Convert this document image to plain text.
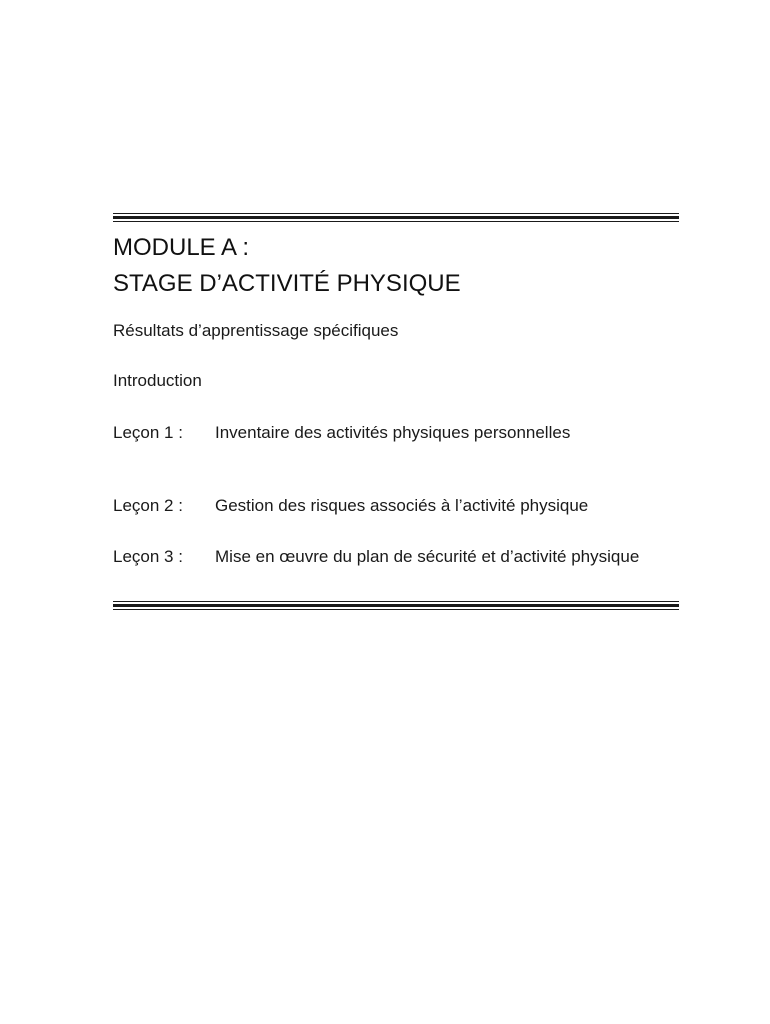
MODULE A :
STAGE D’ACTIVITÉ PHYSIQUE
Résultats d’apprentissage spécifiques
Introduction
Leçon 1 : Inventaire des activités physiques personnelles
Leçon 2 : Gestion des risques associés à l’activité physique
Leçon 3 : Mise en œuvre du plan de sécurité et d’activité physique
